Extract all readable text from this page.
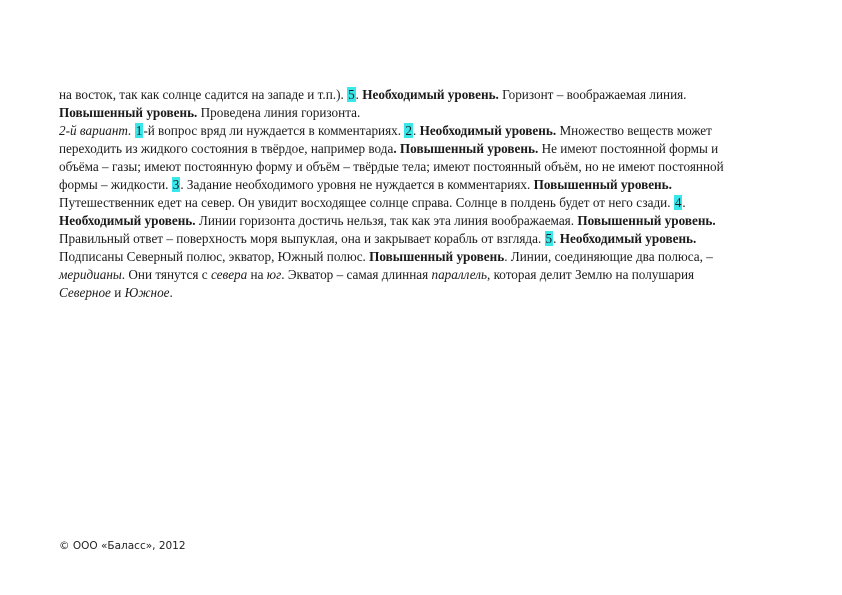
на восток, так как солнце садится на западе и т.п.). 5. Необходимый уровень. Горизонт – воображаемая линия.
Повышенный уровень. Проведена линия горизонта.
2-й вариант. 1-й вопрос вряд ли нуждается в комментариях. 2. Необходимый уровень. Множество веществ может
переходить из жидкого состояния в твёрдое, например вода. Повышенный уровень. Не имеют постоянной формы и
объёма – газы; имеют постоянную форму и объём – твёрдые тела; имеют постоянный объём, но не имеют постоянной
формы – жидкости. 3. Задание необходимого уровня не нуждается в комментариях. Повышенный уровень.
Путешественник едет на север. Он увидит восходящее солнце справа. Солнце в полдень будет от него сзади. 4.
Необходимый уровень. Линии горизонта достичь нельзя, так как эта линия воображаемая. Повышенный уровень.
Правильный ответ – поверхность моря выпуклая, она и закрывает корабль от взгляда. 5. Необходимый уровень.
Подписаны Северный полюс, экватор, Южный полюс. Повышенный уровень. Линии, соединяющие два полюса, –
меридианы. Они тянутся с севера на юг. Экватор – самая длинная параллель, которая делит Землю на полушария
Северное и Южное.
© ООО «Баласс», 2012
